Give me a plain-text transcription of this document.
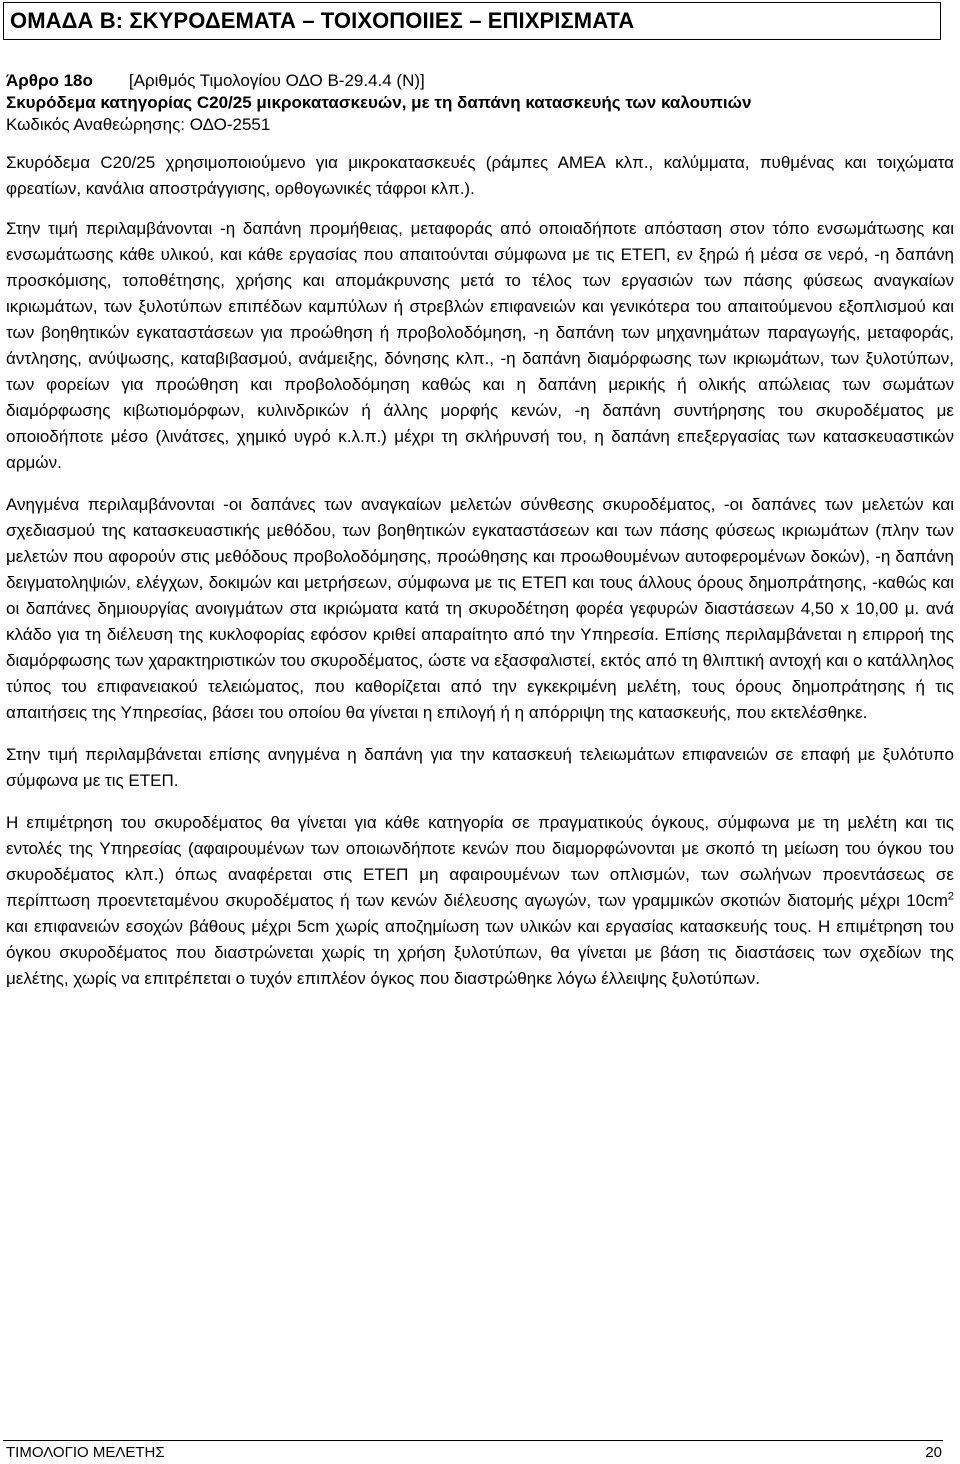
ΟΜΑΔΑ Β: ΣΚΥΡΟΔΕΜΑΤΑ – ΤΟΙΧΟΠΟΙΙΕΣ – ΕΠΙΧΡΙΣΜΑΤΑ
Άρθρο 18ο [Αριθμός Τιμολογίου ΟΔΟ Β-29.4.4 (Ν)]
Σκυρόδεμα κατηγορίας C20/25 μικροκατασκευών, με τη δαπάνη κατασκευής των καλουπιών
Κωδικός Αναθεώρησης: ΟΔΟ-2551

Σκυρόδεμα C20/25 χρησιμοποιούμενο για μικροκατασκευές (ράμπες ΑΜΕΑ κλπ., καλύμματα, πυθμένας και τοιχώματα φρεατίων, κανάλια αποστράγγισης, ορθογωνικές τάφροι κλπ.).

Στην τιμή περιλαμβάνονται -η δαπάνη προμήθειας, μεταφοράς από οποιαδήποτε απόσταση στον τόπο ενσωμάτωσης και ενσωμάτωσης κάθε υλικού, και κάθε εργασίας που απαιτούνται σύμφωνα με τις ΕΤΕΠ, εν ξηρώ ή μέσα σε νερό, -η δαπάνη προσκόμισης, τοποθέτησης, χρήσης και απομάκρυνσης μετά το τέλος των εργασιών των πάσης φύσεως αναγκαίων ικριωμάτων, των ξυλοτύπων επιπέδων καμπύλων ή στρεβλών επιφανειών και γενικότερα του απαιτούμενου εξοπλισμού και των βοηθητικών εγκαταστάσεων για προώθηση ή προβολοδόμηση, -η δαπάνη των μηχανημάτων παραγωγής, μεταφοράς, άντλησης, ανύψωσης, καταβιβασμού, ανάμειξης, δόνησης κλπ., -η δαπάνη διαμόρφωσης των ικριωμάτων, των ξυλοτύπων, των φορείων για προώθηση και προβολοδόμηση καθώς και η δαπάνη μερικής ή ολικής απώλειας των σωμάτων διαμόρφωσης κιβωτιομόρφων, κυλινδρικών ή άλλης μορφής κενών, -η δαπάνη συντήρησης του σκυροδέματος με οποιοδήποτε μέσο (λινάτσες, χημικό υγρό κ.λ.π.) μέχρι τη σκλήρυνσή του, η δαπάνη επεξεργασίας των κατασκευαστικών αρμών.

Ανηγμένα περιλαμβάνονται -οι δαπάνες των αναγκαίων μελετών σύνθεσης σκυροδέματος, -οι δαπάνες των μελετών και σχεδιασμού της κατασκευαστικής μεθόδου, των βοηθητικών εγκαταστάσεων και των πάσης φύσεως ικριωμάτων (πλην των μελετών που αφορούν στις μεθόδους προβολοδόμησης, προώθησης και προωθουμένων αυτοφερομένων δοκών), -η δαπάνη δειγματοληψιών, ελέγχων, δοκιμών και μετρήσεων, σύμφωνα με τις ΕΤΕΠ και τους άλλους όρους δημοπράτησης, -καθώς και οι δαπάνες δημιουργίας ανοιγμάτων στα ικριώματα κατά τη σκυροδέτηση φορέα γεφυρών διαστάσεων 4,50 x 10,00 μ. ανά κλάδο για τη διέλευση της κυκλοφορίας εφόσον κριθεί απαραίτητο από την Υπηρεσία. Επίσης περιλαμβάνεται η επιρροή της διαμόρφωσης των χαρακτηριστικών του σκυροδέματος, ώστε να εξασφαλιστεί, εκτός από τη θλιπτική αντοχή και ο κατάλληλος τύπος του επιφανειακού τελειώματος, που καθορίζεται από την εγκεκριμένη μελέτη, τους όρους δημοπράτησης ή τις απαιτήσεις της Υπηρεσίας, βάσει του οποίου θα γίνεται η επιλογή ή η απόρριψη της κατασκευής, που εκτελέσθηκε.

Στην τιμή περιλαμβάνεται επίσης ανηγμένα η δαπάνη για την κατασκευή τελειωμάτων επιφανειών σε επαφή με ξυλότυπο σύμφωνα με τις ΕΤΕΠ.

Η επιμέτρηση του σκυροδέματος θα γίνεται για κάθε κατηγορία σε πραγματικούς όγκους, σύμφωνα με τη μελέτη και τις εντολές της Υπηρεσίας (αφαιρουμένων των οποιωνδήποτε κενών που διαμορφώνονται με σκοπό τη μείωση του όγκου του σκυροδέματος κλπ.) όπως αναφέρεται στις ΕΤΕΠ μη αφαιρουμένων των οπλισμών, των σωλήνων προεντάσεως σε περίπτωση προεντεταμένου σκυροδέματος ή των κενών διέλευσης αγωγών, των γραμμικών σκοτιών διατομής μέχρι $10cm^2$ και επιφανειών εσοχών βάθους μέχρι 5cm χωρίς αποζημίωση των υλικών και εργασίας κατασκευής τους. Η επιμέτρηση του όγκου σκυροδέματος που διαστρώνεται χωρίς τη χρήση ξυλοτύπων, θα γίνεται με βάση τις διαστάσεις των σχεδίων της μελέτης, χωρίς να επιτρέπεται ο τυχόν επιπλέον όγκος που διαστρώθηκε λόγω έλλειψης ξυλοτύπων.

ΤΙΜΟΛΟΓΙΟ ΜΕΛΕΤΗΣ	20
